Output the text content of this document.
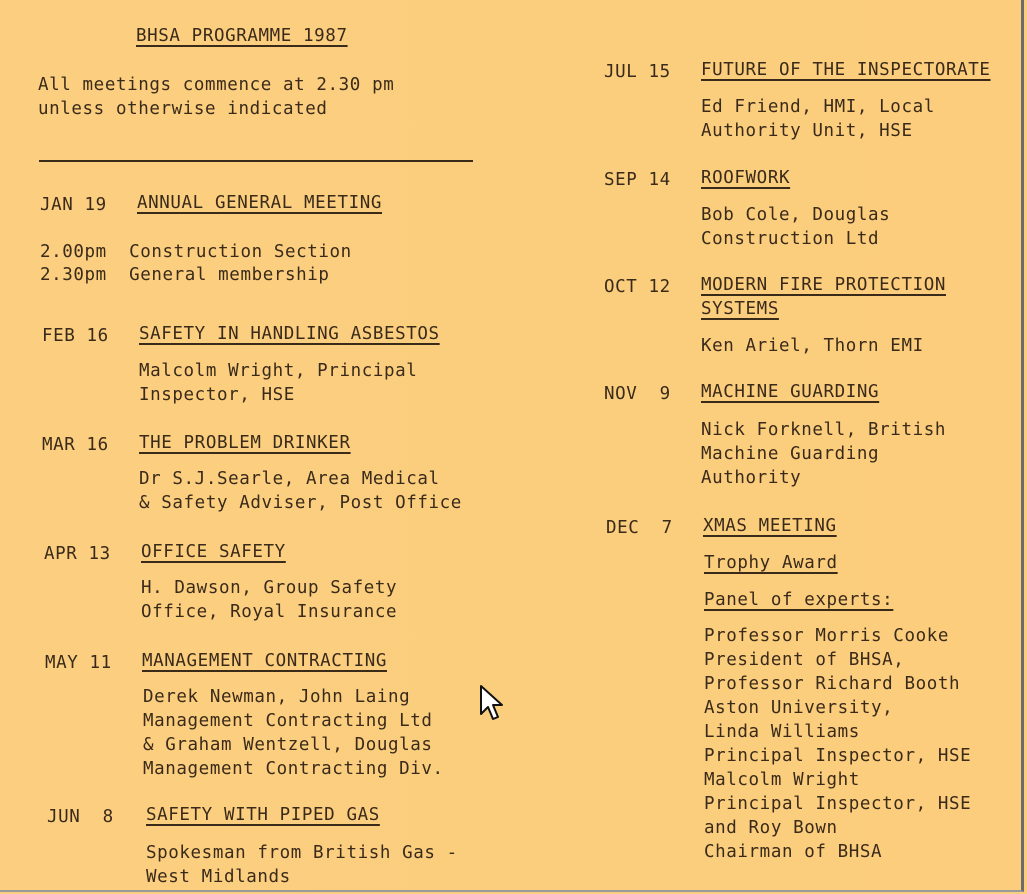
BHSA PROGRAMME 1987
All meetings commence at 2.30 pm
unless otherwise indicated
JAN 19 ANNUAL GENERAL MEETING
2.00pm  Construction Section
2.30pm  General membership
FEB 16 SAFETY IN HANDLING ASBESTOS
Malcolm Wright, Principal
Inspector, HSE
MAR 16 THE PROBLEM DRINKER
Dr S.J.Searle, Area Medical
& Safety Adviser, Post Office
APR 13 OFFICE SAFETY
H. Dawson, Group Safety
Office, Royal Insurance
MAY 11 MANAGEMENT CONTRACTING
Derek Newman, John Laing
Management Contracting Ltd
& Graham Wentzell, Douglas
Management Contracting Div.
JUN  8 SAFETY WITH PIPED GAS
Spokesman from British Gas -
West Midlands
JUL 15 FUTURE OF THE INSPECTORATE
Ed Friend, HMI, Local
Authority Unit, HSE
SEP 14 ROOFWORK
Bob Cole, Douglas
Construction Ltd
OCT 12 MODERN FIRE PROTECTION
SYSTEMS
Ken Ariel, Thorn EMI
NOV  9 MACHINE GUARDING
Nick Forknell, British
Machine Guarding
Authority
DEC  7 XMAS MEETING
Trophy Award
Panel of experts:
Professor Morris Cooke
President of BHSA,
Professor Richard Booth
Aston University,
Linda Williams
Principal Inspector, HSE
Malcolm Wright
Principal Inspector, HSE
and Roy Bown
Chairman of BHSA
